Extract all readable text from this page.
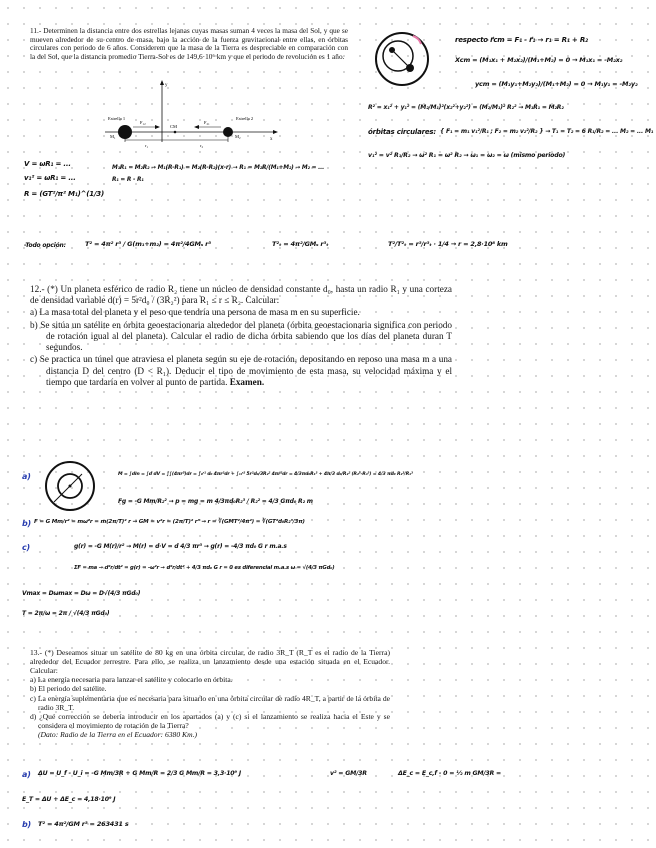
11.- Determinen la distancia entre dos estrellas lejanas cuyas masas suman 4 veces la masa del Sol, y que se mueven alrededor de su centro de masa, bajo la acción de la fuerza gravitacional entre ellas, en órbitas circulares con periodo de 6 años. Considerem que la masa de la Tierra es despreciable en comparación con la del Sol, que la distancia promedio Tierra-Sol es de 149,6·10⁶ km y que el periodo de revolución es 1 año.

Estrella 1	Estrella 2
CM
y
x
F₁₂	F₂₁
M₁	M₂
r₁	r₂
respecto r⃗cm = F₁ - r⃗₁ → r₁ = R₁ + R₂
Xcm = (M₁x₁ + M₂x₂)/(M₁+M₂) = 0 → M₁x₁ = -M₂x₂
ycm = (M₁y₁+M₂y₂)/(M₁+M₂) = 0 → M₁y₁ = -M₂y₂
R² = x₁² + y₁² = (M₂/M₁)²(x₂²+y₂²) = (M₂/M₁)² R₂² → M₁R₁ = M₂R₂
órbitas circulares: { F₁ = m₁ v₁²/R₁ ; F₂ = m₂ v₂²/R₂ } → T₁ = T₂ = 6 R₁/R₂ = ... M₂ = ... M₁
v₁² = v² R₁/R₂ → ω² R₁ = ω² R₂ → ω₁ = ω₂ = ω (mismo periodo)
V = ωR₁ = ...
v₁² = ωR₁ = ...
R = (GT²/π² M₁)^(1/3)
M₁R₁ = M₂R₂ → M₁(R-R₁) = M₂(R-R₂)(x-r) → R₁ = M₂R/(M₁+M₂) → M₂ = ...
R₁ = R - R₁
-Todo opción:	T² = 4π² r³ / G(m₁+m₂) = 4π²/4GMₛ r³	T²ₜ = 4π²/GMₛ r³ₜ	T²/T²ₜ = r³/r³ₜ · 1/4 → r = 2,8·10⁸ km

12.- (*) Un planeta esférico de radio R₂ tiene un núcleo de densidad constante d₀, hasta un radio R₁ y una corteza de densidad variable d(r) = 5r²d₀ / (3R₂²) para R₁ ≤ r ≤ R₂. Calcular:

a) La masa total del planeta y el peso que tendría una persona de masa m en su superficie.

b) Se sitúa un satélite en órbita geoestacionaria alrededor del planeta (órbita geoestacionaria significa con periodo de rotación igual al del planeta). Calcular el radio de dicha órbita sabiendo que los días del planeta duran T segundos.

c) Se practica un túnel que atraviesa el planeta según su eje de rotación, depositando en reposo una masa m a una distancia D del centro (D < R₁). Deducir el tipo de movimiento de esta masa, su velocidad máxima y el tiempo que tardaría en volver al punto de partida. Examen.

a)	M = ∫dm = ∫d dV = ∫∫(4πr²)dr = ∫₀ʳ¹ d₀ 4πr²dr + ∫ᵣ₁ʳ² 5r²d₀/3R₂² 4πr²dr = 4/3πd₀R₁³ + 4π/3 d₀/R₂² (R₂⁵-R₁⁵) = 4/3 πd₀ R₂³/R₁³
Fg = -G Mm/R₂² → p = mg = m 4/3πd₀R₂³ / R₂² = 4/3 Gπd₀ R₂ m
b) F = G Mm/r² = mω²r = m(2π/T)² r → GM = v²r = (2π/T)² r³ → r = ∛(GMT²/4π²) = ∛(GT²d₀R₂³/3π)
c)	g(r) = -G M(r)/r² → M(r) = d·V = d 4/3 πr³ → g(r) = -4/3 πd₀ G r m.a.s
ΣF = ma → d²r/dt² = g(r) = -ω²r → d²r/dt² + 4/3 πd₀ G r = 0 es diferencial m.a.s ω = √(4/3 πGd₀)
Vmax = Dωmax = Dω = D√(4/3 πGd₀)
T = 2π/ω = 2π / √(4/3 πGd₀)

13.- (*) Deseamos situar un satélite de 80 kg en una órbita circular, de radio 3R_T (R_T es el radio de la Tierra) alrededor del Ecuador terrestre. Para ello, se realiza un lanzamiento desde una estación situada en el Ecuador. Calcular:

a) La energía necesaria para lanzar el satélite y colocarlo en órbita.

b) El periodo del satélite.

c) La energía suplementaria que es necesaria para situarlo en una órbita circular de radio 4R_T, a partir de la órbita de radio 3R_T.

d) ¿Qué corrección se debería introducir en los apartados (a) y (c) si el lanzamiento se realiza hacia el Este y se considera el movimiento de rotación de la Tierra?

(Dato: Radio de la Tierra en el Ecuador: 6380 Km.)

a) ΔU = U_f - U_i = -G Mm/3R + G Mm/R = 2/3 G Mm/R = 3,3·10⁹ J	v² = GM/3R	ΔE_c = E_c,f - 0 = ½ m GM/3R =
E_T = ΔU + ΔE_c = 4,18·10⁹ J
b) T² = 4π²/GM r³ = 263431 s
